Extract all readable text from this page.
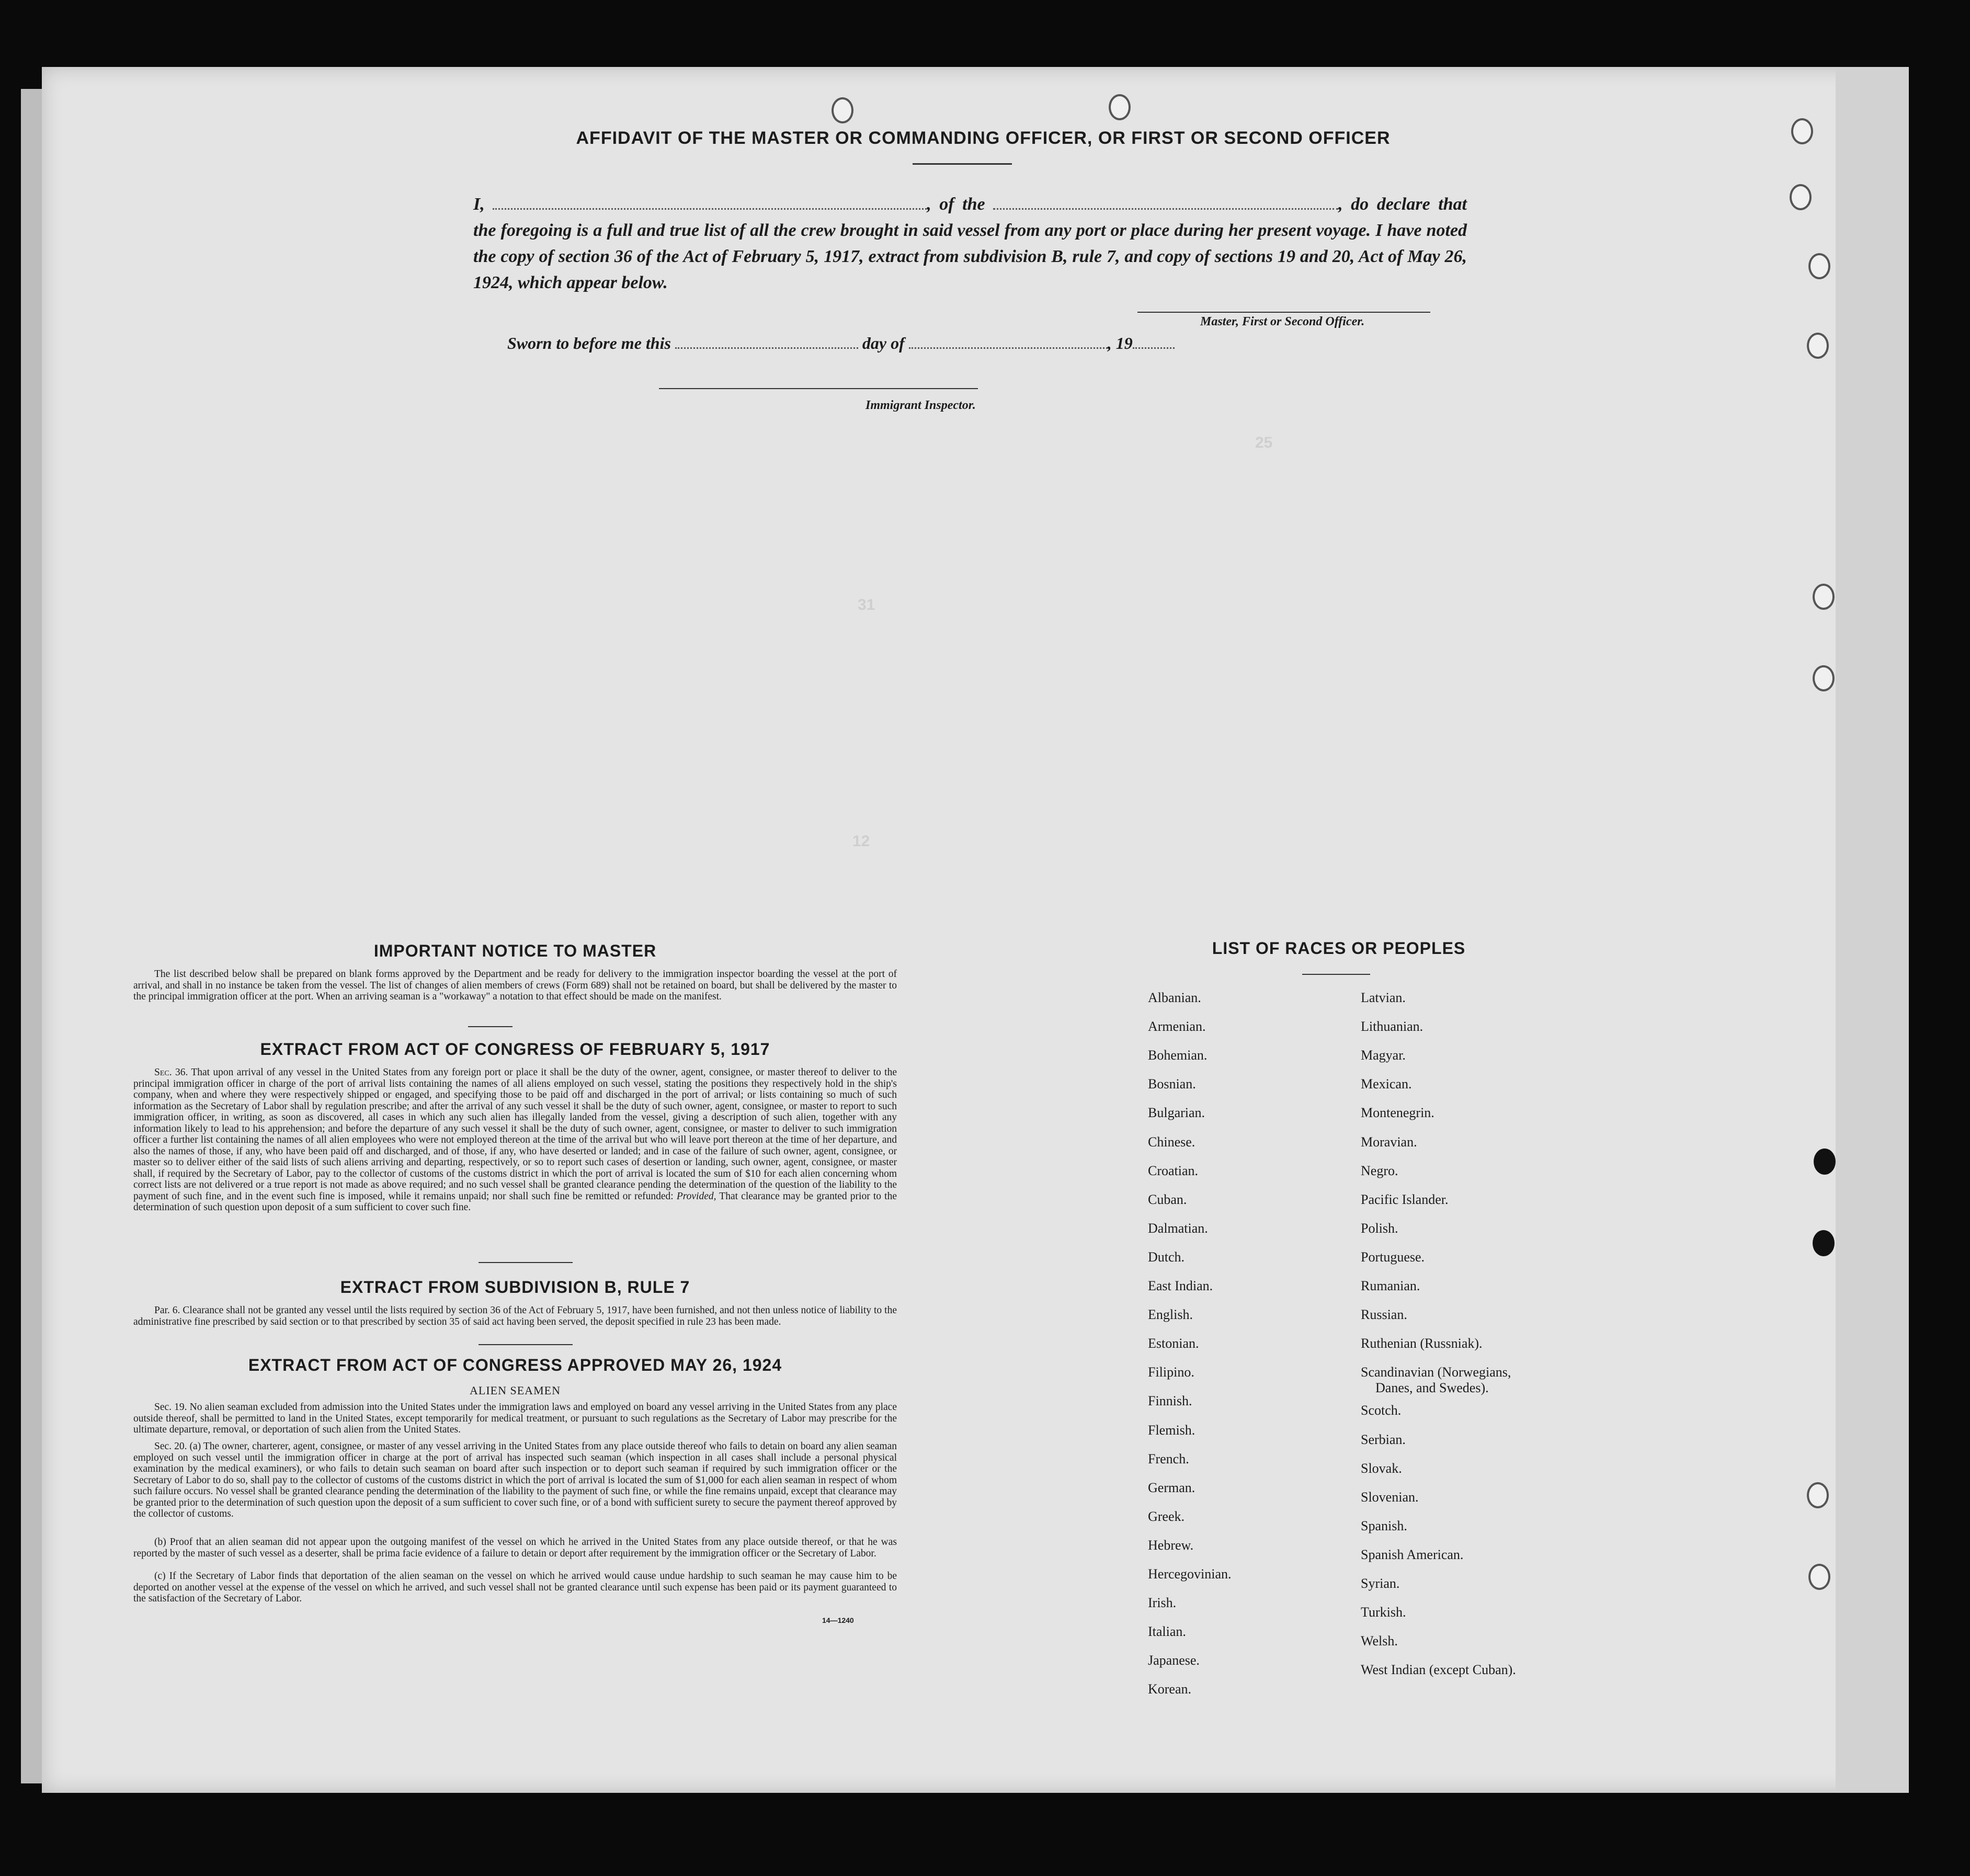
AFFIDAVIT OF THE MASTER OR COMMANDING OFFICER, OR FIRST OR SECOND OFFICER
I,	, of the	, do declare that the foregoing is a full and true list of all the crew brought in said vessel from any port or place during her present voyage. I have noted the copy of section 36 of the Act of February 5, 1917, extract from subdivision B, rule 7, and copy of sections 19 and 20, Act of May 26, 1924, which appear below.
Master, First or Second Officer.
Sworn to before me this	day of	, 19
Immigrant Inspector.
31
12
25
IMPORTANT NOTICE TO MASTER
The list described below shall be prepared on blank forms approved by the Department and be ready for delivery to the immigration inspector boarding the vessel at the port of arrival, and shall in no instance be taken from the vessel. The list of changes of alien members of crews (Form 689) shall not be retained on board, but shall be delivered by the master to the principal immigration officer at the port. When an arriving seaman is a "workaway" a notation to that effect should be made on the manifest.
EXTRACT FROM ACT OF CONGRESS OF FEBRUARY 5, 1917
Sec. 36. That upon arrival of any vessel in the United States from any foreign port or place it shall be the duty of the owner, agent, consignee, or master thereof to deliver to the principal immigration officer in charge of the port of arrival lists containing the names of all aliens employed on such vessel, stating the positions they respectively hold in the ship's company, when and where they were respectively shipped or engaged, and specifying those to be paid off and discharged in the port of arrival; or lists containing so much of such information as the Secretary of Labor shall by regulation prescribe; and after the arrival of any such vessel it shall be the duty of such owner, agent, consignee, or master to report to such immigration officer, in writing, as soon as discovered, all cases in which any such alien has illegally landed from the vessel, giving a description of such alien, together with any information likely to lead to his apprehension; and before the departure of any such vessel it shall be the duty of such owner, agent, consignee, or master to deliver to such immigration officer a further list containing the names of all alien employees who were not employed thereon at the time of the arrival but who will leave port thereon at the time of her departure, and also the names of those, if any, who have been paid off and discharged, and of those, if any, who have deserted or landed; and in case of the failure of such owner, agent, consignee, or master so to deliver either of the said lists of such aliens arriving and departing, respectively, or so to report such cases of desertion or landing, such owner, agent, consignee, or master shall, if required by the Secretary of Labor, pay to the collector of customs of the customs district in which the port of arrival is located the sum of $10 for each alien concerning whom correct lists are not delivered or a true report is not made as above required; and no such vessel shall be granted clearance pending the determination of the question of the liability to the payment of such fine, and in the event such fine is imposed, while it remains unpaid; nor shall such fine be remitted or refunded: Provided, That clearance may be granted prior to the determination of such question upon deposit of a sum sufficient to cover such fine.
EXTRACT FROM SUBDIVISION B, RULE 7
Par. 6. Clearance shall not be granted any vessel until the lists required by section 36 of the Act of February 5, 1917, have been furnished, and not then unless notice of liability to the administrative fine prescribed by said section or to that prescribed by section 35 of said act having been served, the deposit specified in rule 23 has been made.
EXTRACT FROM ACT OF CONGRESS APPROVED MAY 26, 1924
ALIEN SEAMEN
Sec. 19. No alien seaman excluded from admission into the United States under the immigration laws and employed on board any vessel arriving in the United States from any place outside thereof, shall be permitted to land in the United States, except temporarily for medical treatment, or pursuant to such regulations as the Secretary of Labor may prescribe for the ultimate departure, removal, or deportation of such alien from the United States.
Sec. 20. (a) The owner, charterer, agent, consignee, or master of any vessel arriving in the United States from any place outside thereof who fails to detain on board any alien seaman employed on such vessel until the immigration officer in charge at the port of arrival has inspected such seaman (which inspection in all cases shall include a personal physical examination by the medical examiners), or who fails to detain such seaman on board after such inspection or to deport such seaman if required by such immigration officer or the Secretary of Labor to do so, shall pay to the collector of customs of the customs district in which the port of arrival is located the sum of $1,000 for each alien seaman in respect of whom such failure occurs. No vessel shall be granted clearance pending the determination of the liability to the payment of such fine, or while the fine remains unpaid, except that clearance may be granted prior to the determination of such question upon the deposit of a sum sufficient to cover such fine, or of a bond with sufficient surety to secure the payment thereof approved by the collector of customs.
(b) Proof that an alien seaman did not appear upon the outgoing manifest of the vessel on which he arrived in the United States from any place outside thereof, or that he was reported by the master of such vessel as a deserter, shall be prima facie evidence of a failure to detain or deport after requirement by the immigration officer or the Secretary of Labor.
(c) If the Secretary of Labor finds that deportation of the alien seaman on the vessel on which he arrived would cause undue hardship to such seaman he may cause him to be deported on another vessel at the expense of the vessel on which he arrived, and such vessel shall not be granted clearance until such expense has been paid or its payment guaranteed to the satisfaction of the Secretary of Labor.
14—1240
LIST OF RACES OR PEOPLES
Albanian.
Armenian.
Bohemian.
Bosnian.
Bulgarian.
Chinese.
Croatian.
Cuban.
Dalmatian.
Dutch.
East Indian.
English.
Estonian.
Filipino.
Finnish.
Flemish.
French.
German.
Greek.
Hebrew.
Hercegovinian.
Irish.
Italian.
Japanese.
Korean.
Latvian.
Lithuanian.
Magyar.
Mexican.
Montenegrin.
Moravian.
Negro.
Pacific Islander.
Polish.
Portuguese.
Rumanian.
Russian.
Ruthenian (Russniak).
Scandinavian (Norwegians,
Danes, and Swedes).
Scotch.
Serbian.
Slovak.
Slovenian.
Spanish.
Spanish American.
Syrian.
Turkish.
Welsh.
West Indian (except Cuban).
